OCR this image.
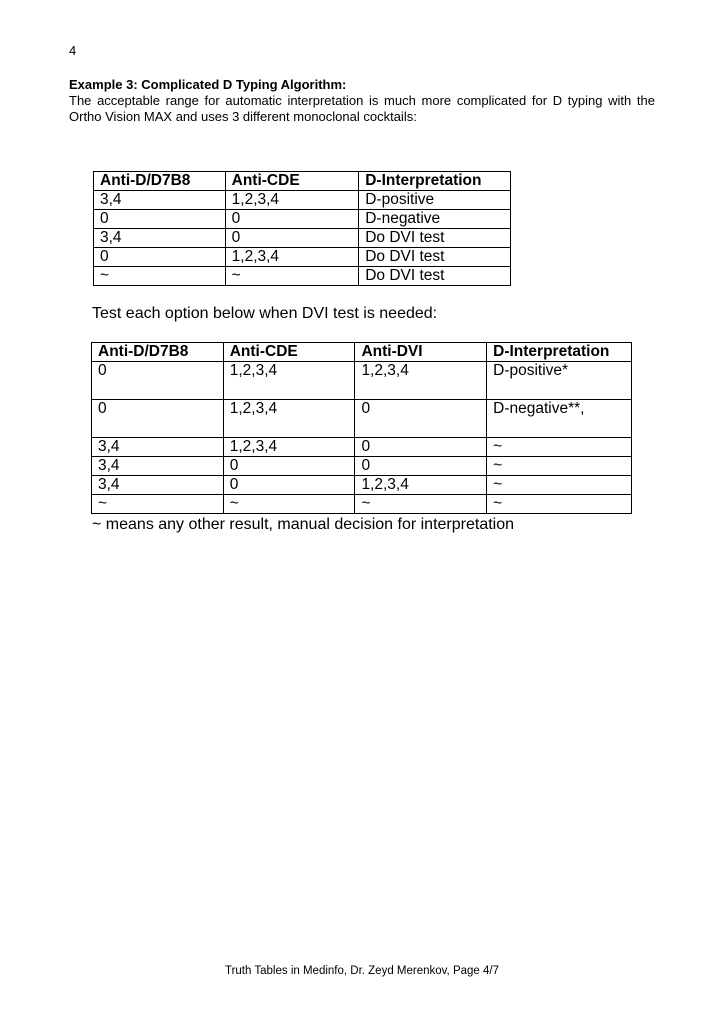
4
Example 3: Complicated D Typing Algorithm:
The acceptable range for automatic interpretation is much more complicated for D typing with the Ortho Vision MAX and uses 3 different monoclonal cocktails:
Anti-D/D7B8	Anti-CDE	D-Interpretation
3,4	1,2,3,4	D-positive
0	0	D-negative
3,4	0	Do DVI test
0	1,2,3,4	Do DVI test
~	~	Do DVI test
Test each option below when DVI test is needed:
Anti-D/D7B8	Anti-CDE	Anti-DVI	D-Interpretation
0	1,2,3,4	1,2,3,4	D-positive*
0	1,2,3,4	0	D-negative**,
3,4	1,2,3,4	0	~
3,4	0	0	~
3,4	0	1,2,3,4	~
~	~	~	~
~ means any other result, manual decision for interpretation
Truth Tables in Medinfo, Dr. Zeyd Merenkov, Page 4/7
